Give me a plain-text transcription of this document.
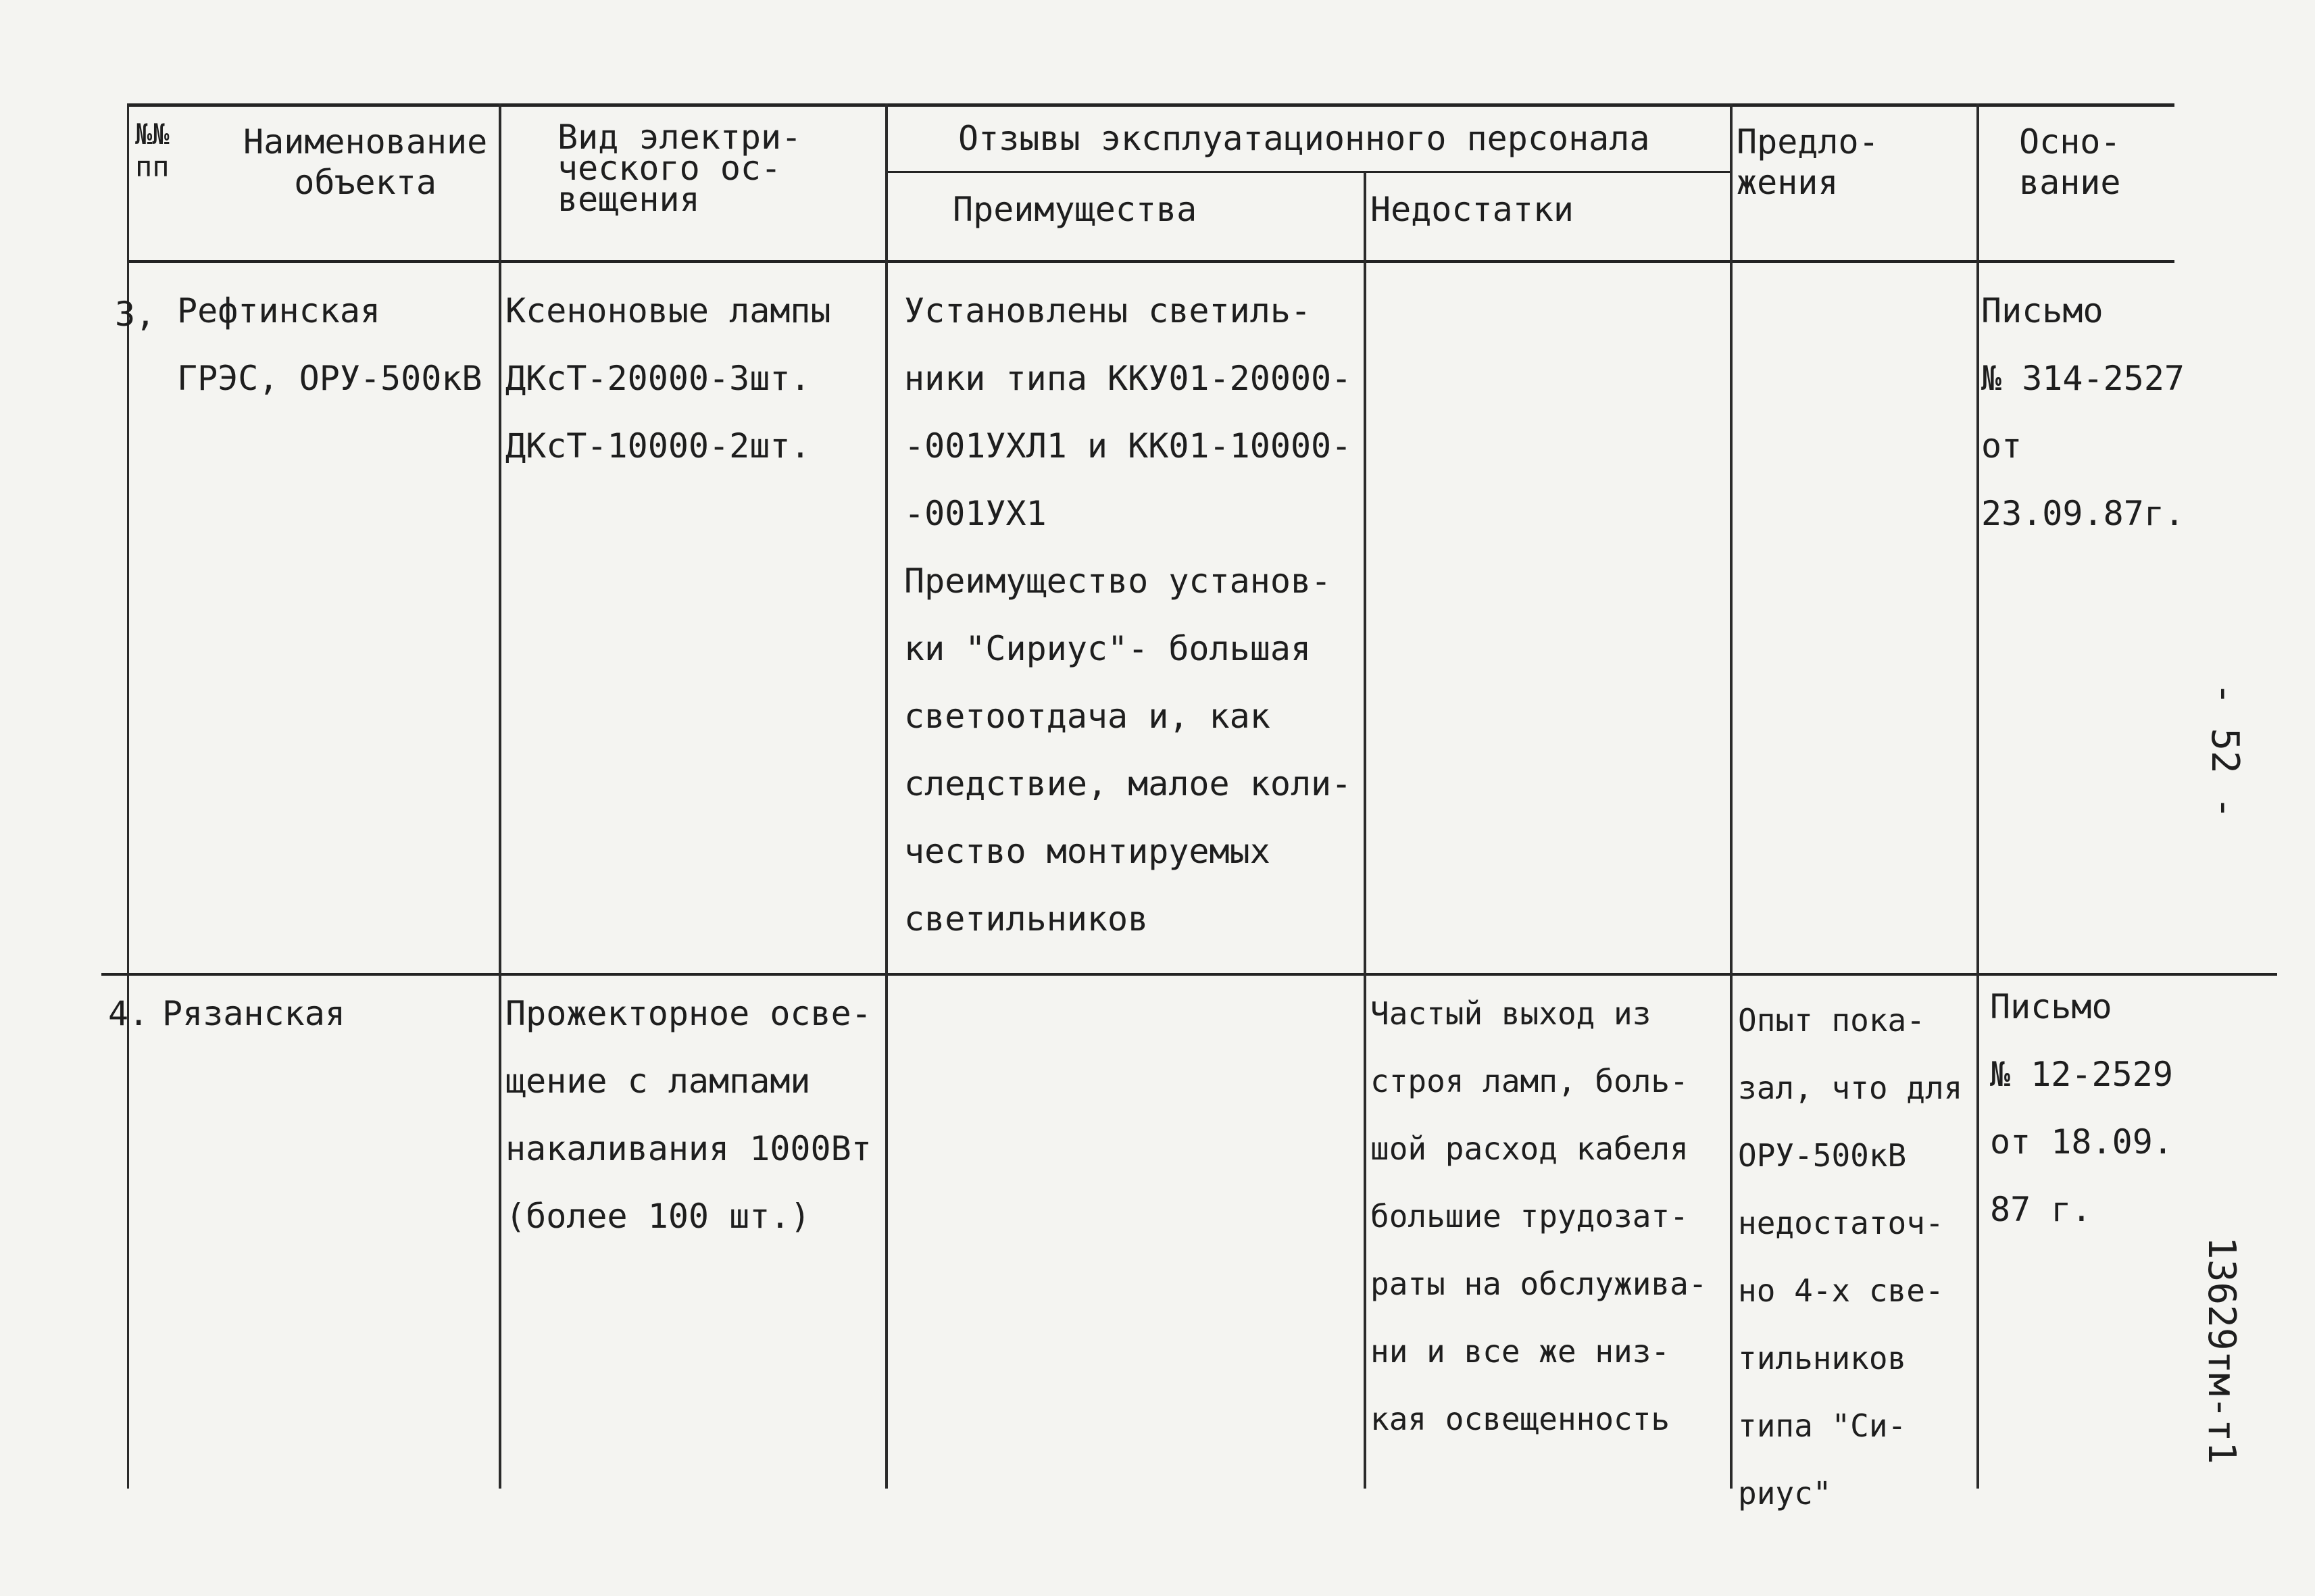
№№
пп
Наименование
объекта
Вид электри-
ческого ос-
вещения
Отзывы эксплуатационного персонала
Преимущества	Недостатки
Предло-
жения
Осно-
вание
3, Рефтинская
ГРЭС, ОРУ-500кВ
Ксеноновые лампы
ДКсТ-20000-3шт.
ДКсТ-10000-2шт.
Установлены светиль-
ники типа ККУ01-20000-
-001УХЛ1 и КК01-10000-
-001УХ1
Преимущество установ-
ки "Сириус"- большая
светоотдача и, как
следствие, малое коли-
чество монтируемых
светильников
Письмо
№ 314-2527
от
23.09.87г.
4. Рязанская	Прожекторное осве-
щение с лампами
накаливания 1000Вт
(более 100 шт.)
Частый выход из
строя ламп, боль-
шой расход кабеля
большие трудозат-
раты на обслужива-
ни и все же низ-
кая освещенность
Опыт пока-
зал, что для
ОРУ-500кВ
недостаточ-
но 4-х све-
тильников
типа "Си-
риус"
Письмо
№ 12-2529
от 18.09.
87 г.
- 52 -
13629тм-т1
